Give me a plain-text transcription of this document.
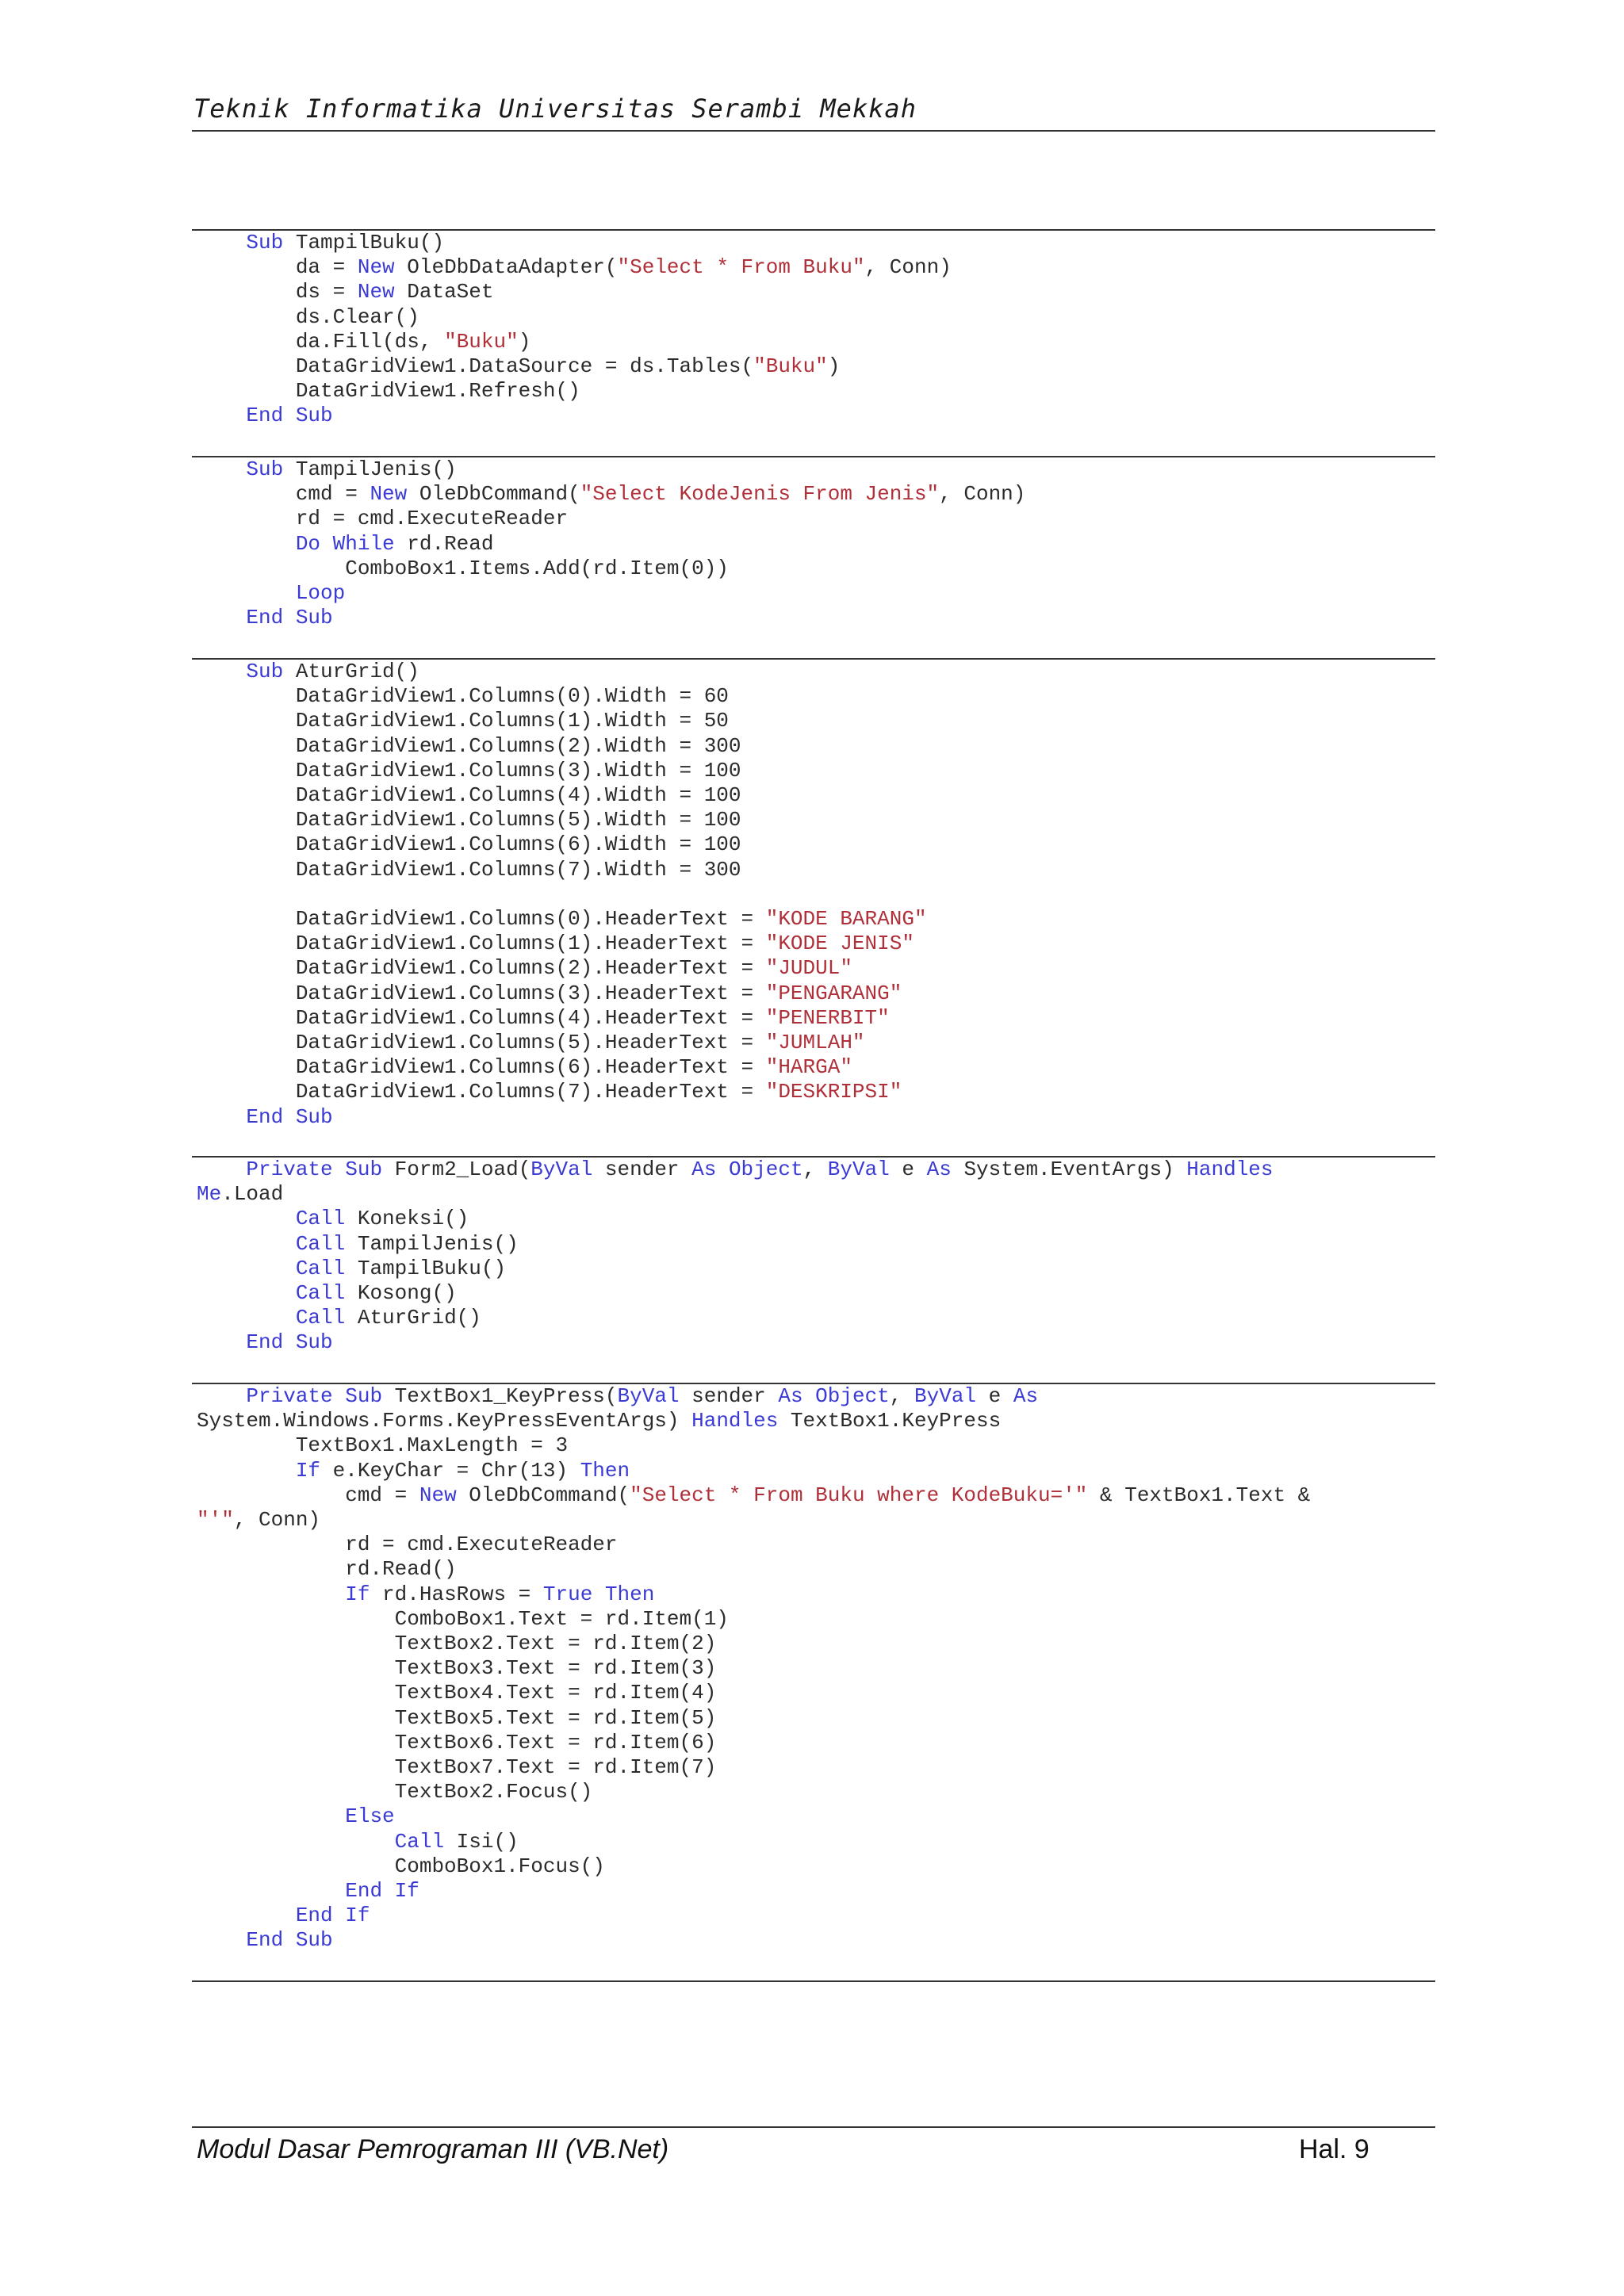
Teknik Informatika Universitas Serambi Mekkah
Sub TampilBuku()
da = New OleDbDataAdapter("Select * From Buku", Conn)
ds = New DataSet
ds.Clear()
da.Fill(ds, "Buku")
DataGridView1.DataSource = ds.Tables("Buku")
DataGridView1.Refresh()
End Sub
Sub TampilJenis()
cmd = New OleDbCommand("Select KodeJenis From Jenis", Conn)
rd = cmd.ExecuteReader
Do While rd.Read
ComboBox1.Items.Add(rd.Item(0))
Loop
End Sub
Sub AturGrid()
DataGridView1.Columns(0).Width = 60
DataGridView1.Columns(1).Width = 50
DataGridView1.Columns(2).Width = 300
DataGridView1.Columns(3).Width = 100
DataGridView1.Columns(4).Width = 100
DataGridView1.Columns(5).Width = 100
DataGridView1.Columns(6).Width = 100
DataGridView1.Columns(7).Width = 300

DataGridView1.Columns(0).HeaderText = "KODE BARANG"
DataGridView1.Columns(1).HeaderText = "KODE JENIS"
DataGridView1.Columns(2).HeaderText = "JUDUL"
DataGridView1.Columns(3).HeaderText = "PENGARANG"
DataGridView1.Columns(4).HeaderText = "PENERBIT"
DataGridView1.Columns(5).HeaderText = "JUMLAH"
DataGridView1.Columns(6).HeaderText = "HARGA"
DataGridView1.Columns(7).HeaderText = "DESKRIPSI"
End Sub
Private Sub Form2_Load(ByVal sender As Object, ByVal e As System.EventArgs) Handles
Me.Load
Call Koneksi()
Call TampilJenis()
Call TampilBuku()
Call Kosong()
Call AturGrid()
End Sub
Private Sub TextBox1_KeyPress(ByVal sender As Object, ByVal e As
System.Windows.Forms.KeyPressEventArgs) Handles TextBox1.KeyPress
TextBox1.MaxLength = 3
If e.KeyChar = Chr(13) Then
cmd = New OleDbCommand("Select * From Buku where KodeBuku='" & TextBox1.Text &
"'", Conn)
rd = cmd.ExecuteReader
rd.Read()
If rd.HasRows = True Then
ComboBox1.Text = rd.Item(1)
TextBox2.Text = rd.Item(2)
TextBox3.Text = rd.Item(3)
TextBox4.Text = rd.Item(4)
TextBox5.Text = rd.Item(5)
TextBox6.Text = rd.Item(6)
TextBox7.Text = rd.Item(7)
TextBox2.Focus()
Else
Call Isi()
ComboBox1.Focus()
End If
End If
End Sub
Modul Dasar Pemrograman III (VB.Net)	Hal. 9
